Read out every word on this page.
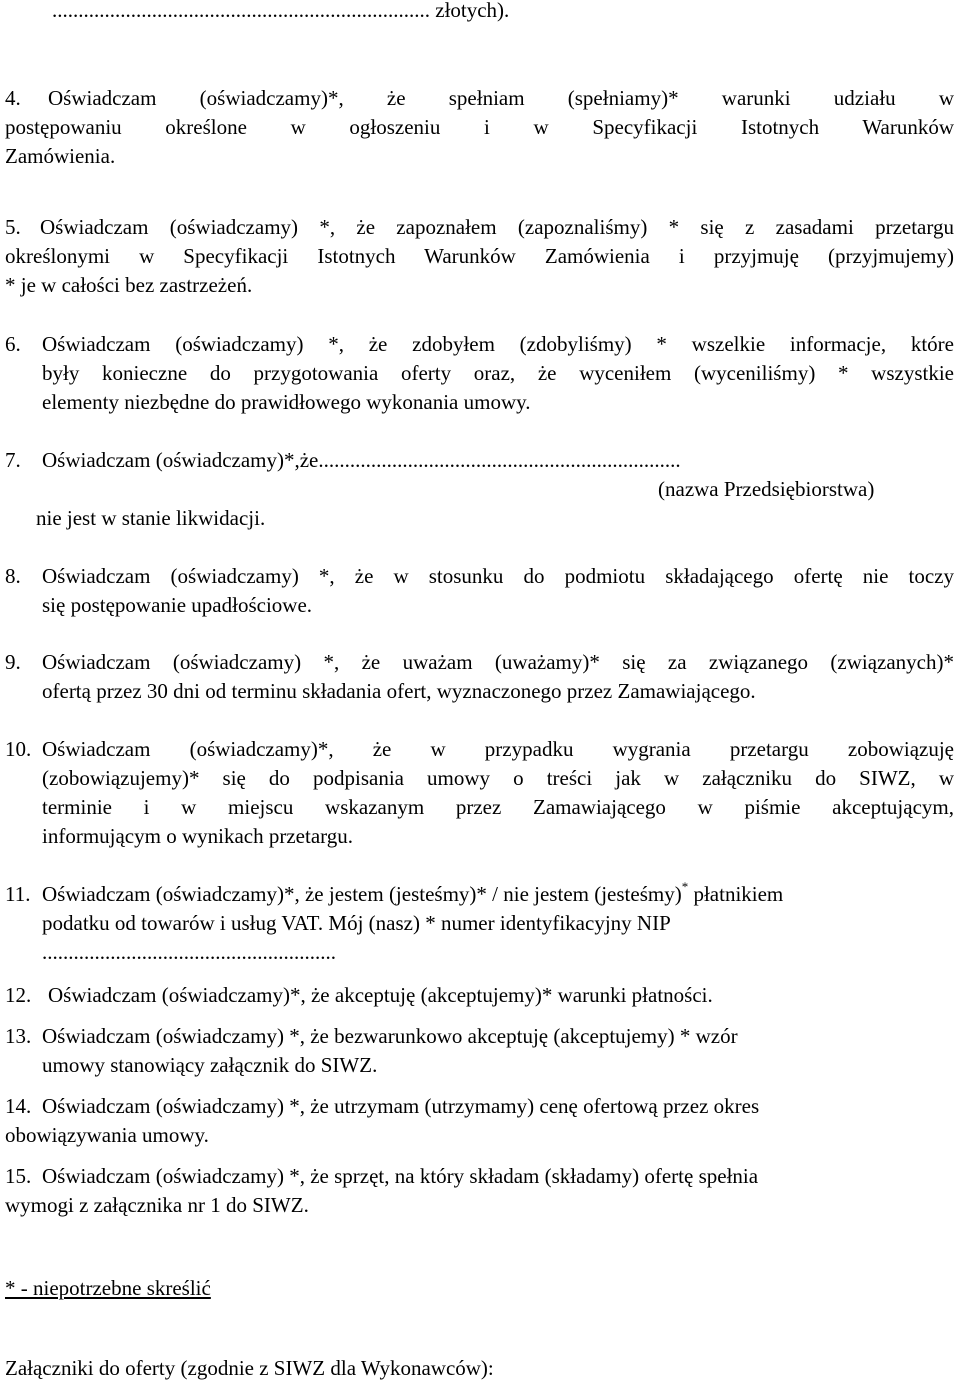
........................................................................ złotych).
4. Oświadczam (oświadczamy)*, że spełniam (spełniamy)* warunki udziału w
postępowaniu określone w ogłoszeniu i w Specyfikacji Istotnych Warunków
Zamówienia.
5. Oświadczam (oświadczamy) *, że zapoznałem (zapoznaliśmy) * się z zasadami przetargu
określonymi w Specyfikacji Istotnych Warunków Zamówienia i przyjmuję (przyjmujemy)
* je w całości bez zastrzeżeń.
6. Oświadczam (oświadczamy) *, że zdobyłem (zdobyliśmy) * wszelkie informacje, które
były konieczne do przygotowania oferty oraz, że wyceniłem (wyceniliśmy) * wszystkie
elementy niezbędne do prawidłowego wykonania umowy.
7. Oświadczam (oświadczamy)*,że.....................................................................
(nazwa Przedsiębiorstwa)
nie jest w stanie likwidacji.
8. Oświadczam (oświadczamy) *, że w stosunku do podmiotu składającego ofertę nie toczy
się postępowanie upadłościowe.
9. Oświadczam (oświadczamy) *, że uważam (uważamy)* się za związanego (związanych)*
ofertą przez 30 dni od terminu składania ofert, wyznaczonego przez Zamawiającego.
10. Oświadczam (oświadczamy)*, że w przypadku wygrania przetargu zobowiązuję
(zobowiązujemy)* się do podpisania umowy o treści jak w załączniku do SIWZ, w
terminie i w miejscu wskazanym przez Zamawiającego w piśmie akceptującym,
informującym o wynikach przetargu.
11. Oświadczam (oświadczamy)*, że jestem (jesteśmy)* / nie jestem (jesteśmy)* płatnikiem
podatku od towarów i usług VAT. Mój (nasz) * numer identyfikacyjny NIP
........................................................
12. Oświadczam (oświadczamy)*, że akceptuję (akceptujemy)* warunki płatności.
13. Oświadczam (oświadczamy) *, że bezwarunkowo akceptuję (akceptujemy) * wzór
umowy stanowiący załącznik do SIWZ.
14. Oświadczam (oświadczamy) *, że utrzymam (utrzymamy) cenę ofertową przez okres
obowiązywania umowy.
15. Oświadczam (oświadczamy) *, że sprzęt, na który składam (składamy) ofertę spełnia
wymogi z załącznika nr 1 do SIWZ.
* - niepotrzebne skreślić
Załączniki do oferty (zgodnie z SIWZ dla Wykonawców):
